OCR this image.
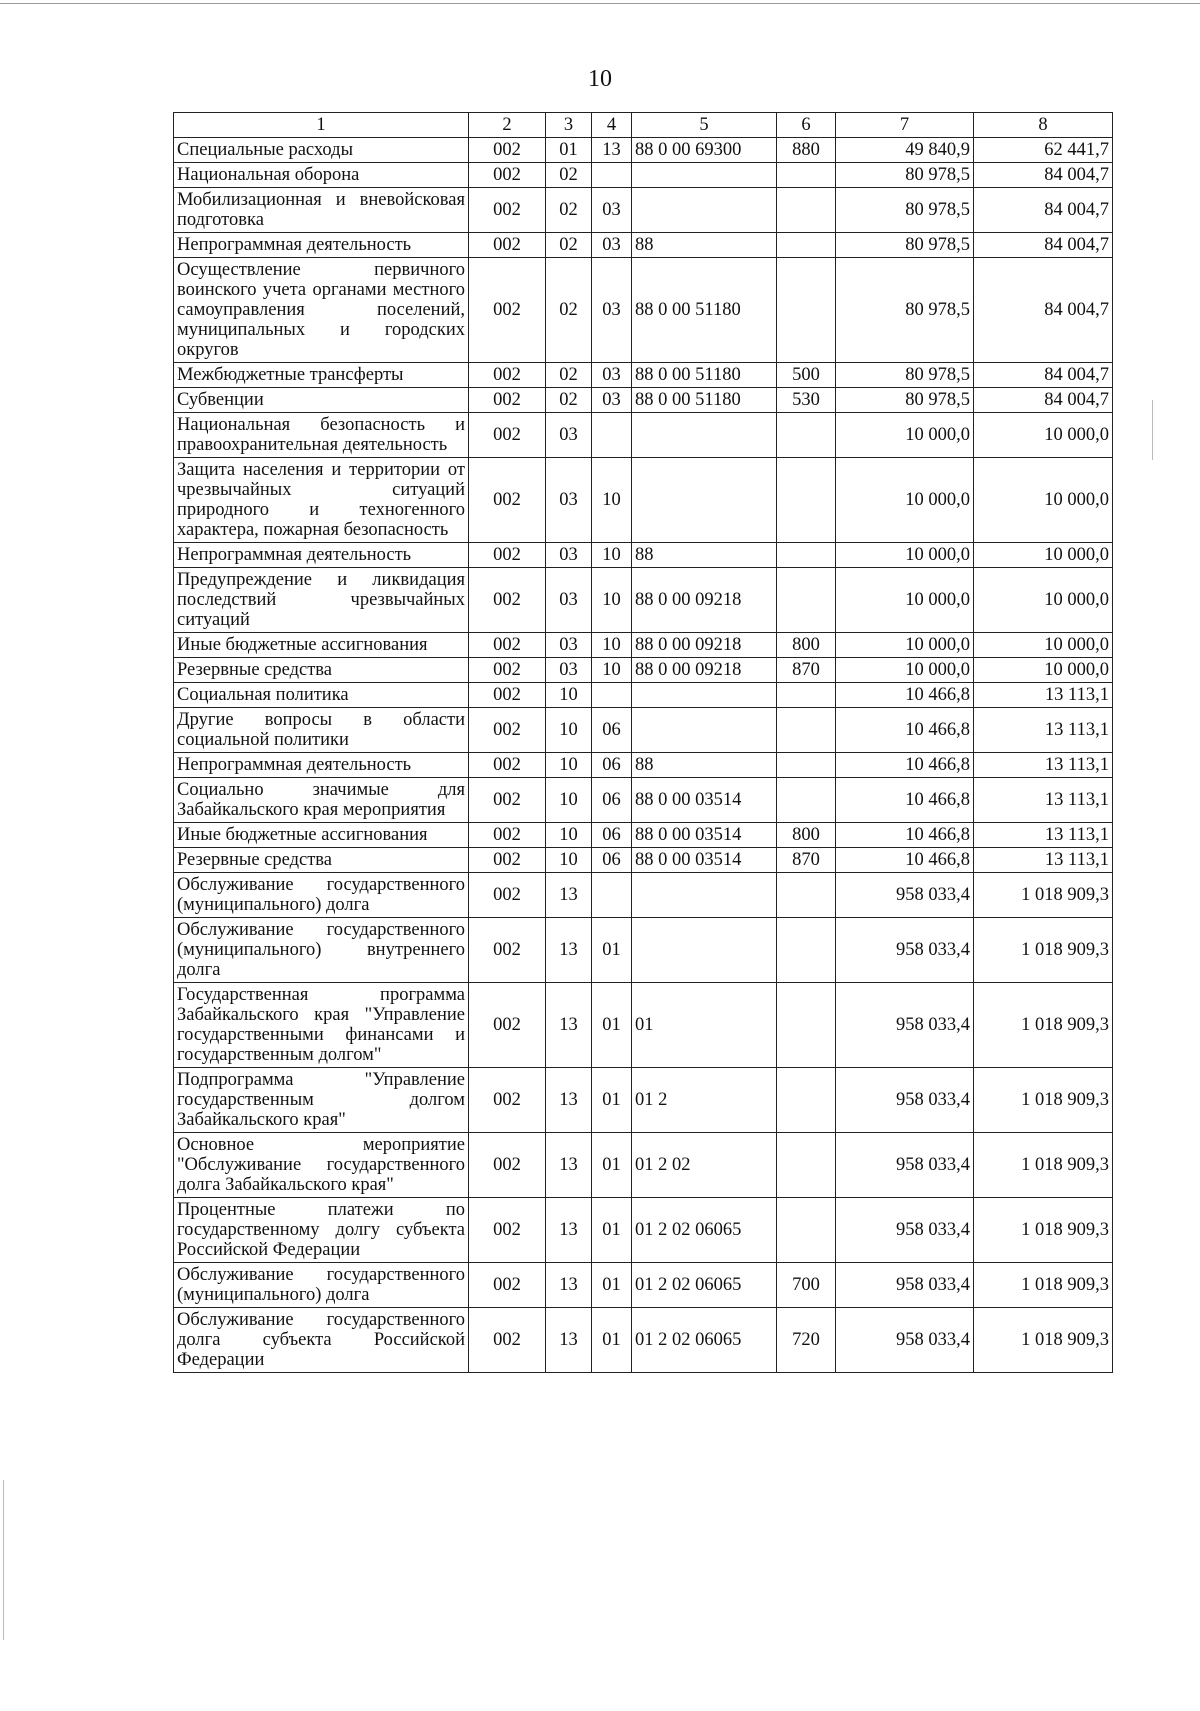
10
1	2	3	4	5	6	7	8
Специальные расходы	002	01	13	88 0 00 69300	880	49 840,9	62 441,7
Национальная оборона	002	02				80 978,5	84 004,7
Мобилизационная и вневойсковая подготовка	002	02	03			80 978,5	84 004,7
Непрограммная деятельность	002	02	03	88		80 978,5	84 004,7
Осуществление первичного воинского учета органами местного самоуправления поселений, муниципальных и городских округов	002	02	03	88 0 00 51180		80 978,5	84 004,7
Межбюджетные трансферты	002	02	03	88 0 00 51180	500	80 978,5	84 004,7
Субвенции	002	02	03	88 0 00 51180	530	80 978,5	84 004,7
Национальная безопасность и правоохранительная деятельность	002	03				10 000,0	10 000,0
Защита населения и территории от чрезвычайных ситуаций природного и техногенного характера, пожарная безопасность	002	03	10			10 000,0	10 000,0
Непрограммная деятельность	002	03	10	88		10 000,0	10 000,0
Предупреждение и ликвидация последствий чрезвычайных ситуаций	002	03	10	88 0 00 09218		10 000,0	10 000,0
Иные бюджетные ассигнования	002	03	10	88 0 00 09218	800	10 000,0	10 000,0
Резервные средства	002	03	10	88 0 00 09218	870	10 000,0	10 000,0
Социальная политика	002	10				10 466,8	13 113,1
Другие вопросы в области социальной политики	002	10	06			10 466,8	13 113,1
Непрограммная деятельность	002	10	06	88		10 466,8	13 113,1
Социально значимые для Забайкальского края мероприятия	002	10	06	88 0 00 03514		10 466,8	13 113,1
Иные бюджетные ассигнования	002	10	06	88 0 00 03514	800	10 466,8	13 113,1
Резервные средства	002	10	06	88 0 00 03514	870	10 466,8	13 113,1
Обслуживание государственного (муниципального) долга	002	13				958 033,4	1 018 909,3
Обслуживание государственного (муниципального) внутреннего долга	002	13	01			958 033,4	1 018 909,3
Государственная программа Забайкальского края "Управление государственными финансами и государственным долгом"	002	13	01	01		958 033,4	1 018 909,3
Подпрограмма "Управление государственным долгом Забайкальского края"	002	13	01	01 2		958 033,4	1 018 909,3
Основное мероприятие "Обслуживание государственного долга Забайкальского края"	002	13	01	01 2 02		958 033,4	1 018 909,3
Процентные платежи по государственному долгу субъекта Российской Федерации	002	13	01	01 2 02 06065		958 033,4	1 018 909,3
Обслуживание государственного (муниципального) долга	002	13	01	01 2 02 06065	700	958 033,4	1 018 909,3
Обслуживание государственного долга субъекта Российской Федерации	002	13	01	01 2 02 06065	720	958 033,4	1 018 909,3
